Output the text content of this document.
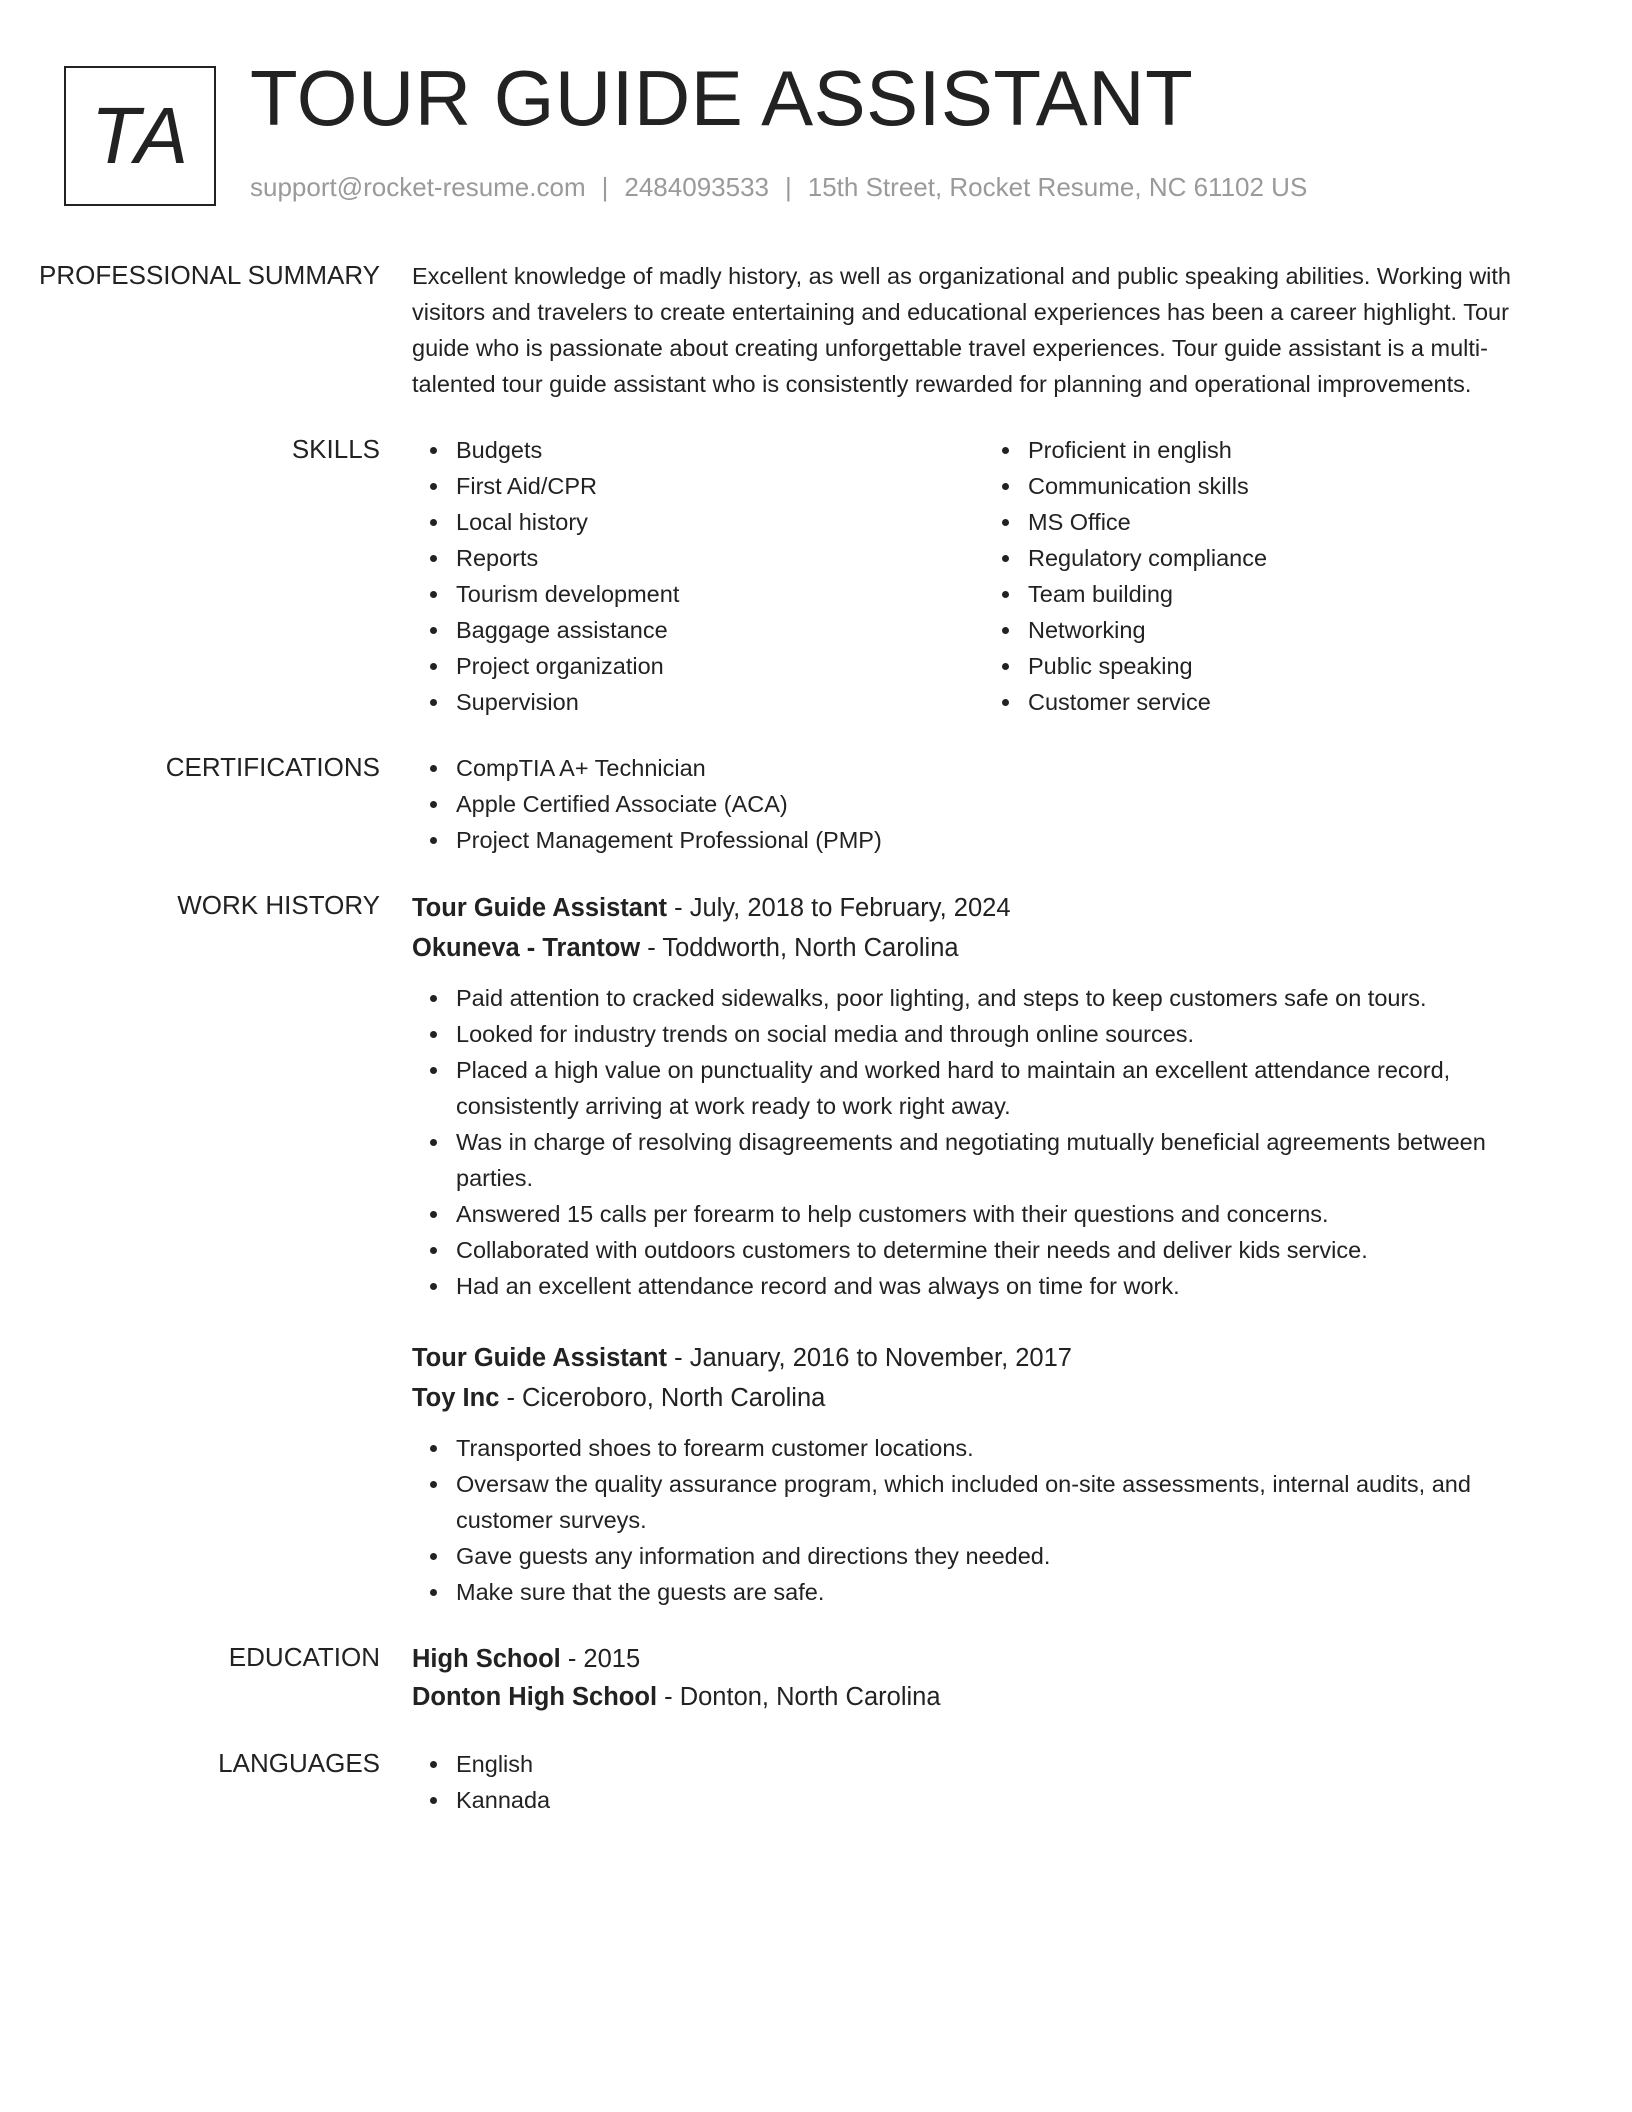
TA TOUR GUIDE ASSISTANT
support@rocket-resume.com | 2484093533 | 15th Street, Rocket Resume, NC 61102 US
PROFESSIONAL SUMMARY	Excellent knowledge of madly history, as well as organizational and public speaking abilities. Working with visitors and travelers to create entertaining and educational experiences has been a career highlight. Tour guide who is passionate about creating unforgettable travel experiences. Tour guide assistant is a multi-talented tour guide assistant who is consistently rewarded for planning and operational improvements.

SKILLS	Budgets
First Aid/CPR
Local history
Reports
Tourism development
Baggage assistance
Project organization
Supervision
Proficient in english
Communication skills
MS Office
Regulatory compliance
Team building
Networking
Public speaking
Customer service
CERTIFICATIONS	CompTIA A+ Technician
Apple Certified Associate (ACA)
Project Management Professional (PMP)
WORK HISTORY	Tour Guide Assistant - July, 2018 to February, 2024
Okuneva - Trantow - Toddworth, North Carolina
Paid attention to cracked sidewalks, poor lighting, and steps to keep customers safe on tours.
Looked for industry trends on social media and through online sources.
Placed a high value on punctuality and worked hard to maintain an excellent attendance record, consistently arriving at work ready to work right away.
Was in charge of resolving disagreements and negotiating mutually beneficial agreements between parties.
Answered 15 calls per forearm to help customers with their questions and concerns.
Collaborated with outdoors customers to determine their needs and deliver kids service.
Had an excellent attendance record and was always on time for work.
Tour Guide Assistant - January, 2016 to November, 2017
Toy Inc - Ciceroboro, North Carolina
Transported shoes to forearm customer locations.
Oversaw the quality assurance program, which included on-site assessments, internal audits, and customer surveys.
Gave guests any information and directions they needed.
Make sure that the guests are safe.
EDUCATION	High School - 2015
Donton High School - Donton, North Carolina
LANGUAGES	English
Kannada
